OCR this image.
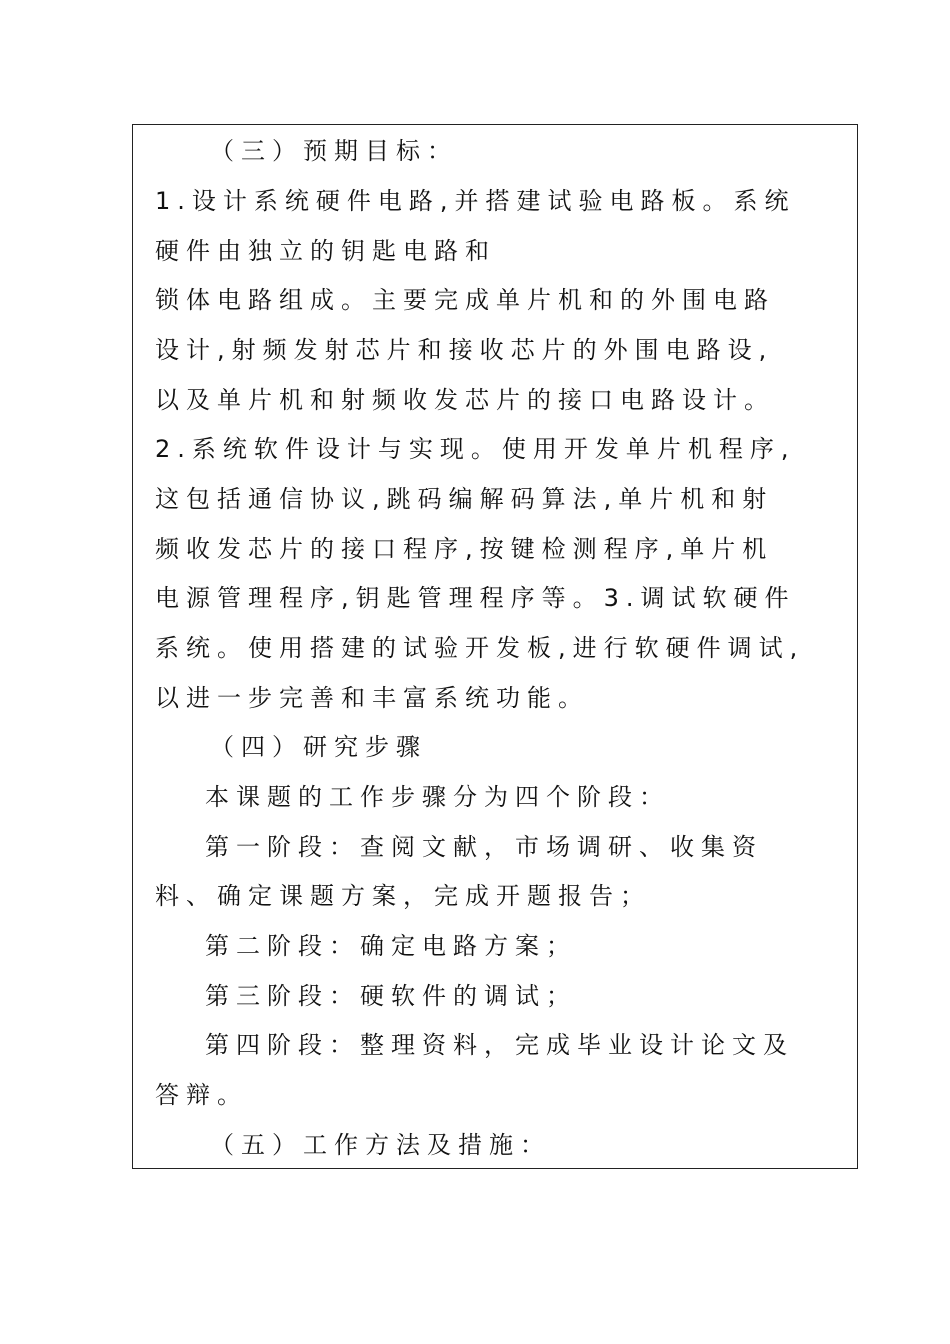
（三）预期目标：
1.设计系统硬件电路,并搭建试验电路板。系统
硬件由独立的钥匙电路和
锁体电路组成。主要完成单片机和的外围电路
设计,射频发射芯片和接收芯片的外围电路设,
以及单片机和射频收发芯片的接口电路设计。
2.系统软件设计与实现。使用开发单片机程序,
这包括通信协议,跳码编解码算法,单片机和射
频收发芯片的接口程序,按键检测程序,单片机
电源管理程序,钥匙管理程序等。3.调试软硬件
系统。使用搭建的试验开发板,进行软硬件调试,
以进一步完善和丰富系统功能。
（四）研究步骤
本课题的工作步骤分为四个阶段：
第一阶段：查阅文献，市场调研、收集资
料、确定课题方案，完成开题报告；
第二阶段：确定电路方案；
第三阶段：硬软件的调试；
第四阶段：整理资料，完成毕业设计论文及
答辩。
（五）工作方法及措施：
